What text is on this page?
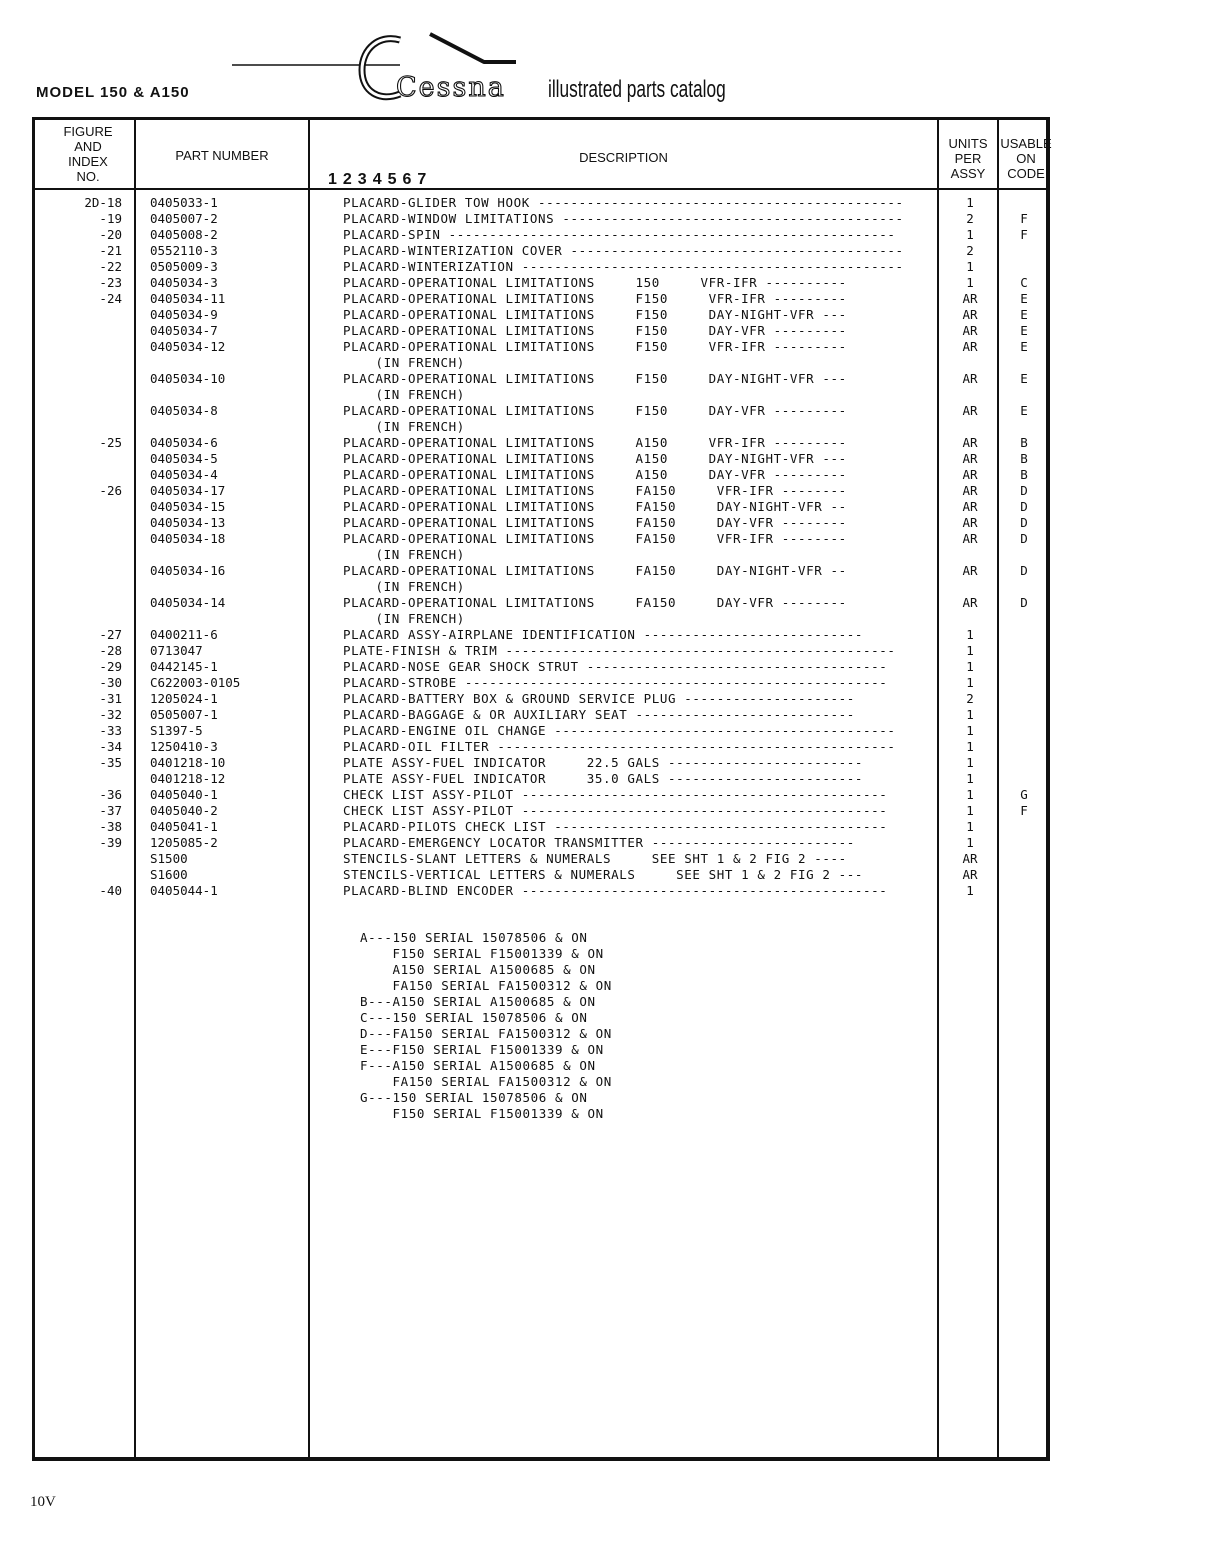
MODEL 150 & A150	Cessna illustrated parts catalog
FIGURE
AND
INDEX
NO.
PART NUMBER	DESCRIPTION
1234567
UNITS
PER
ASSY
USABLE
ON
CODE
2D-18 0405033-1	PLACARD-GLIDER TOW HOOK ---------------------------------------------	1
-19 0405007-2	PLACARD-WINDOW LIMITATIONS ------------------------------------------	2	F
-20 0405008-2	PLACARD-SPIN -------------------------------------------------------	1	F
-21 0552110-3	PLACARD-WINTERIZATION COVER -----------------------------------------	2
-22 0505009-3	PLACARD-WINTERIZATION -----------------------------------------------	1
-23 0405034-3	PLACARD-OPERATIONAL LIMITATIONS     150     VFR-IFR ----------	1	C
-24 0405034-11	PLACARD-OPERATIONAL LIMITATIONS     F150     VFR-IFR ---------	AR	E
0405034-9	PLACARD-OPERATIONAL LIMITATIONS     F150     DAY-NIGHT-VFR ---	AR	E
0405034-7	PLACARD-OPERATIONAL LIMITATIONS     F150     DAY-VFR ---------	AR	E
0405034-12	PLACARD-OPERATIONAL LIMITATIONS     F150     VFR-IFR ---------	AR	E
(IN FRENCH)
0405034-10	PLACARD-OPERATIONAL LIMITATIONS     F150     DAY-NIGHT-VFR ---	AR	E
(IN FRENCH)
0405034-8	PLACARD-OPERATIONAL LIMITATIONS     F150     DAY-VFR ---------	AR	E
(IN FRENCH)
-25 0405034-6	PLACARD-OPERATIONAL LIMITATIONS     A150     VFR-IFR ---------	AR	B
0405034-5	PLACARD-OPERATIONAL LIMITATIONS     A150     DAY-NIGHT-VFR ---	AR	B
0405034-4	PLACARD-OPERATIONAL LIMITATIONS     A150     DAY-VFR ---------	AR	B
-26 0405034-17	PLACARD-OPERATIONAL LIMITATIONS     FA150     VFR-IFR --------	AR	D
0405034-15	PLACARD-OPERATIONAL LIMITATIONS     FA150     DAY-NIGHT-VFR --	AR	D
0405034-13	PLACARD-OPERATIONAL LIMITATIONS     FA150     DAY-VFR --------	AR	D
0405034-18	PLACARD-OPERATIONAL LIMITATIONS     FA150     VFR-IFR --------	AR	D
(IN FRENCH)
0405034-16	PLACARD-OPERATIONAL LIMITATIONS     FA150     DAY-NIGHT-VFR --	AR	D
(IN FRENCH)
0405034-14	PLACARD-OPERATIONAL LIMITATIONS     FA150     DAY-VFR --------	AR	D
(IN FRENCH)
-27 0400211-6	PLACARD ASSY-AIRPLANE IDENTIFICATION ---------------------------	1
-28 0713047	PLATE-FINISH & TRIM ------------------------------------------------	1
-29 0442145-1	PLACARD-NOSE GEAR SHOCK STRUT -------------------------------------	1
-30 C622003-0105	PLACARD-STROBE ----------------------------------------------------	1
-31 1205024-1	PLACARD-BATTERY BOX & GROUND SERVICE PLUG ---------------------	2
-32 0505007-1	PLACARD-BAGGAGE & OR AUXILIARY SEAT ---------------------------	1
-33 S1397-5	PLACARD-ENGINE OIL CHANGE ------------------------------------------	1
-34 1250410-3	PLACARD-OIL FILTER -------------------------------------------------	1
-35 0401218-10	PLATE ASSY-FUEL INDICATOR     22.5 GALS ------------------------	1
0401218-12	PLATE ASSY-FUEL INDICATOR     35.0 GALS ------------------------	1
-36 0405040-1	CHECK LIST ASSY-PILOT ---------------------------------------------	1	G
-37 0405040-2	CHECK LIST ASSY-PILOT ---------------------------------------------	1	F
-38 0405041-1	PLACARD-PILOTS CHECK LIST -----------------------------------------	1
-39 1205085-2	PLACARD-EMERGENCY LOCATOR TRANSMITTER -------------------------	1
S1500	STENCILS-SLANT LETTERS & NUMERALS     SEE SHT 1 & 2 FIG 2 ----	AR
S1600	STENCILS-VERTICAL LETTERS & NUMERALS     SEE SHT 1 & 2 FIG 2 ---	AR
-40 0405044-1	PLACARD-BLIND ENCODER ---------------------------------------------	1
A---150 SERIAL 15078506 & ON
F150 SERIAL F15001339 & ON
A150 SERIAL A1500685 & ON
FA150 SERIAL FA1500312 & ON
B---A150 SERIAL A1500685 & ON
C---150 SERIAL 15078506 & ON
D---FA150 SERIAL FA1500312 & ON
E---F150 SERIAL F15001339 & ON
F---A150 SERIAL A1500685 & ON
FA150 SERIAL FA1500312 & ON
G---150 SERIAL 15078506 & ON
F150 SERIAL F15001339 & ON
10V
